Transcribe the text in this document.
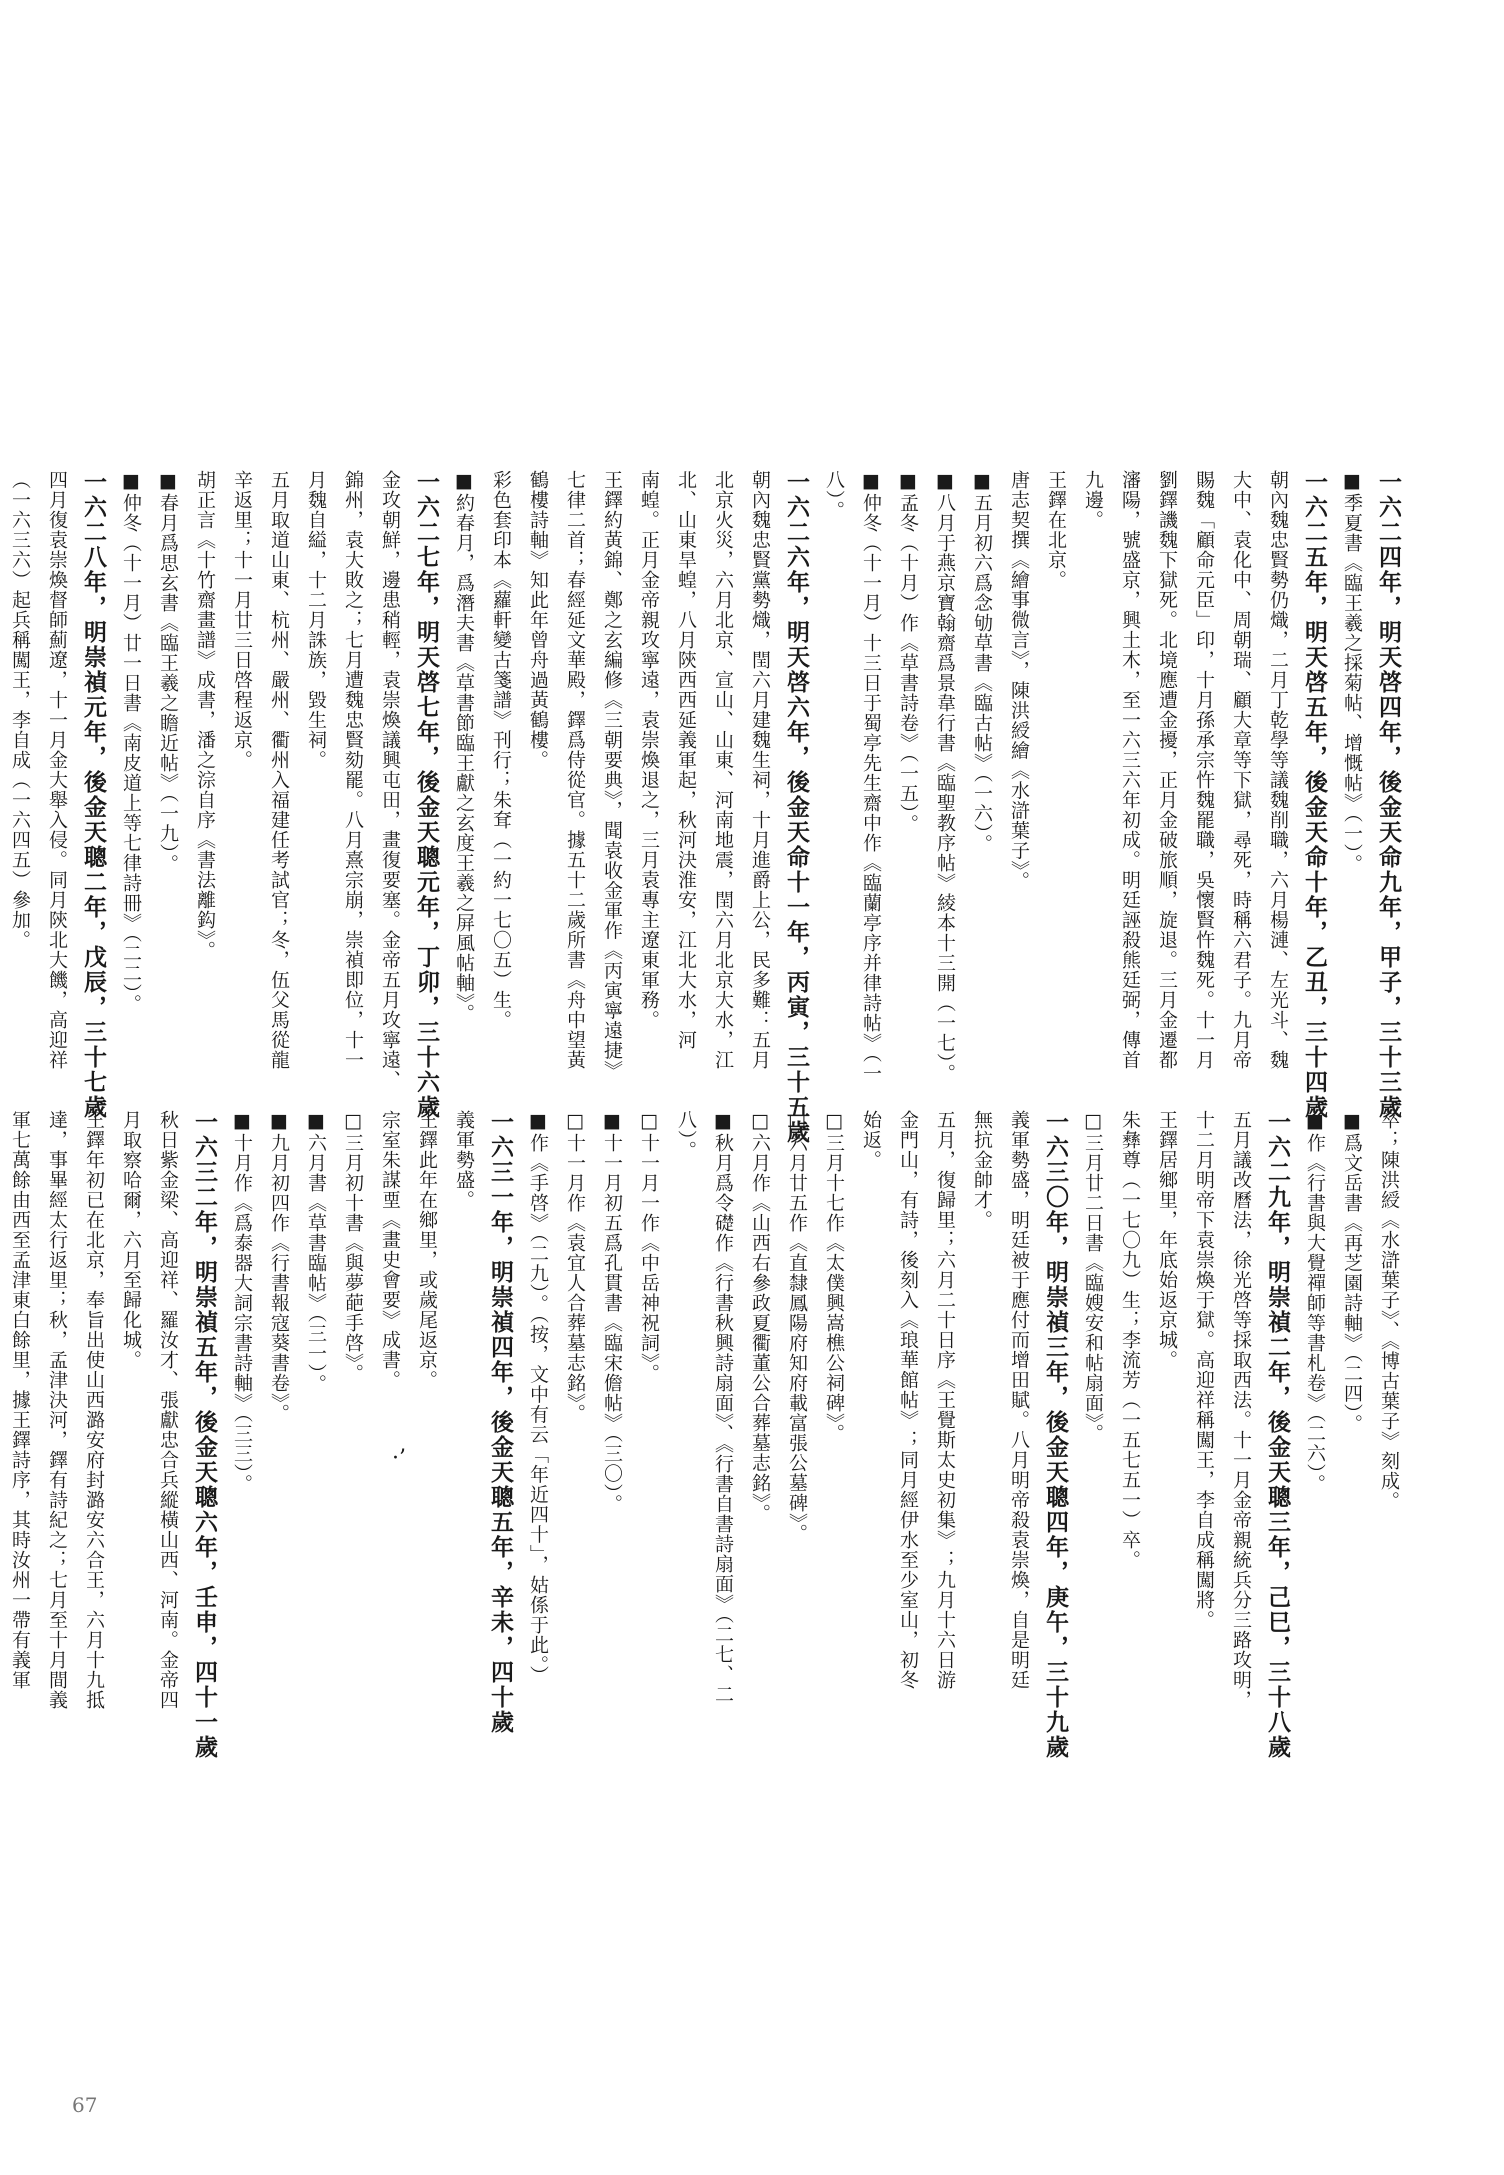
一六二四年，明天啓四年，後金天命九年，甲子，三十三歲
■季夏書《臨王羲之採菊帖、增慨帖》（一）。
一六二五年，明天啓五年，後金天命十年，乙丑，三十四歲
朝內魏忠賢勢仍熾，二月丁乾學等議魏削職，六月楊漣、左光斗、魏
大中、袁化中、周朝瑞、顧大章等下獄，尋死，時稱六君子。九月帝
賜魏「顧命元臣」印，十月孫承宗忤魏罷職，吳懷賢忤魏死。十一月
劉鐸譏魏下獄死。北境應遭金擾，正月金破旅順，旋退。三月金遷都
瀋陽，號盛京，興土木，至一六三六年初成。明廷誣殺熊廷弼，傳首
九邊。
王鐸在北京。
唐志契撰《繪事微言》，陳洪綬繪《水滸葉子》。
■五月初六爲念劬草書《臨古帖》（一六）。
■八月于燕京寶翰齋爲景韋行書《臨聖教序帖》綾本十三開（一七）。
■孟冬（十月）作《草書詩卷》（一五）。
■仲冬（十一月）十三日于蜀亭先生齋中作《臨蘭亭序并律詩帖》（一
八）。
一六二六年，明天啓六年，後金天命十一年，丙寅，三十五歲
朝內魏忠賢黨勢熾，閏六月建魏生祠，十月進爵上公，民多難：五月
北京火災，六月北京、宣山、山東、河南地震，閏六月北京大水，江
北、山東旱蝗，八月陝西西延義軍起，秋河決淮安，江北大水，河
南蝗。正月金帝親攻寧遠，袁崇煥退之，三月袁專主遼東軍務。
王鐸約黃錦、鄭之玄編修《三朝要典》，聞袁收金軍作《丙寅寧遠捷》
七律二首；春經延文華殿，鐸爲侍從官。據五十二歲所書《舟中望黃
鶴樓詩軸》知此年曾舟過黃鶴樓。
彩色套印本《蘿軒變古箋譜》刊行；朱耷（一約一七〇五）生。
■約春月，爲潛夫書《草書節臨王獻之玄度王羲之屏風帖軸》。
一六二七年，明天啓七年，後金天聰元年，丁卯，三十六歲
金攻朝鮮，邊患稍輕，袁崇煥議興屯田，畫復要塞。金帝五月攻寧遠、
錦州，袁大敗之；七月遭魏忠賢劾罷。八月熹宗崩，崇禎即位，十一
月魏自縊，十二月誅族，毀生祠。
五月取道山東、杭州、嚴州、衢州入福建任考試官；冬，伍父馬從龍
辛返里；十一月廿三日啓程返京。
胡正言《十竹齋畫譜》成書，潘之淙自序《書法離鈎》。
■春月爲思玄書《臨王羲之瞻近帖》（一九）。
■仲冬（十一月）廿一日書《南皮道上等七律詩冊》（二二）。
一六二八年，明崇禎元年，後金天聰二年，戊辰，三十七歲
四月復袁崇煥督師薊遼，十一月金大舉入侵。同月陝北大饑，高迎祥
（一六三六）起兵稱闖王，李自成（一六四五）參加。
卒；陳洪綬《水滸葉子》、《博古葉子》刻成。
■爲文岳書《再芝園詩軸》（二四）。
■作《行書與大覺禪師等書札卷》（二六）。
一六二九年，明崇禎二年，後金天聰三年，己巳，三十八歲
五月議改曆法，徐光啓等採取西法。十一月金帝親統兵分三路攻明，
十二月明帝下袁崇煥于獄。高迎祥稱闖王，李自成稱闖將。
王鐸居鄉里，年底始返京城。
朱彝尊（一七〇九）生；李流芳（一五七五一）卒。
□三月廿二日書《臨嫂安和帖扇面》。
一六三〇年，明崇禎三年，後金天聰四年，庚午，三十九歲
義軍勢盛，明廷被于應付而增田賦。八月明帝殺袁崇煥，自是明廷
無抗金帥才。
五月，復歸里；六月二十日序《王覺斯太史初集》；九月十六日游
金門山，有詩，後刻入《琅華館帖》；同月經伊水至少室山，初冬
始返。
□三月十七作《太僕興嵩樵公祠碑》。
□六月廿五作《直隸鳳陽府知府載富張公墓碑》。
□六月作《山西右參政夏衢董公合葬墓志銘》。
■秋月爲令礎作《行書秋興詩扇面》、《行書自書詩扇面》（二七、二
八）。
□十一月一作《中岳神祝詞》。
■十一月初五爲孔貫書《臨宋儋帖》（三〇）。
□十一月作《袁宜人合葬墓志銘》。
■作《手啓》（二九）。（按，文中有云「年近四十」，姑係于此。）
一六三一年，明崇禎四年，後金天聰五年，辛未，四十歲
義軍勢盛。
王鐸此年在鄉里，或歲尾返京。
宗室朱謀垔《畫史會要》成書。
□三月初十書《與夢葩手啓》。
■六月書《草書臨帖》（三一）。
■九月初四作《行書報寇葵書卷》。
■十月作《爲泰器大詞宗書詩軸》（三三）。
一六三二年，明崇禎五年，後金天聰六年，壬申，四十一歲
秋日紫金梁、高迎祥、羅汝才、張獻忠合兵縱橫山西、河南。金帝四
月取察哈爾，六月至歸化城。
王鐸年初已在北京，奉旨出使山西潞安府封潞安六合王，六月十九抵
達，事畢經太行返里；秋，孟津決河，鐸有詩紀之；七月至十月間義
軍七萬餘由西至孟津東白餘里，據王鐸詩序，其時汝州一帶有義軍	·’
67
